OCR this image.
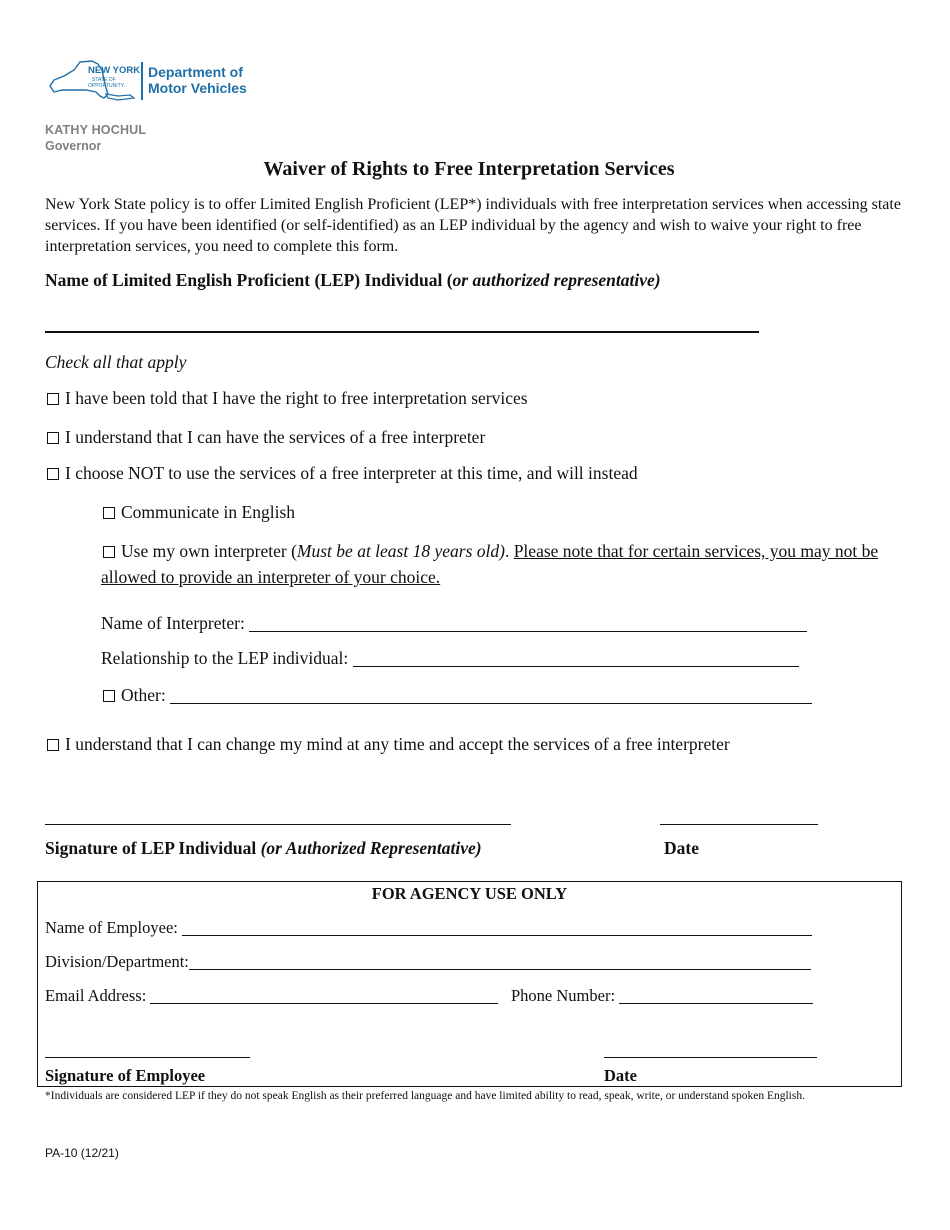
NEW YORK
STATE OF
OPPORTUNITY.
Department of
Motor Vehicles
KATHY HOCHUL
Governor
Waiver of Rights to Free Interpretation Services
New York State policy is to offer Limited English Proficient (LEP*) individuals with free interpretation services when accessing state services. If you have been identified (or self-identified) as an LEP individual by the agency and wish to waive your right to free interpretation services, you need to complete this form.
Name of Limited English Proficient (LEP) Individual (or authorized representative)
Check all that apply
I have been told that I have the right to free interpretation services
I understand that I can have the services of a free interpreter
I choose NOT to use the services of a free interpreter at this time, and will instead
Communicate in English
Use my own interpreter (Must be at least 18 years old). Please note that for certain services, you may not be allowed to provide an interpreter of your choice.
Name of Interpreter:
Relationship to the LEP individual:
Other:
I understand that I can change my mind at any time and accept the services of a free interpreter
Signature of LEP Individual (or Authorized Representative)	Date
FOR AGENCY USE ONLY
Name of Employee:
Division/Department:
Email Address:	Phone Number:
Signature of Employee	Date
*Individuals are considered LEP if they do not speak English as their preferred language and have limited ability to read, speak, write, or understand spoken English.
PA-10 (12/21)
